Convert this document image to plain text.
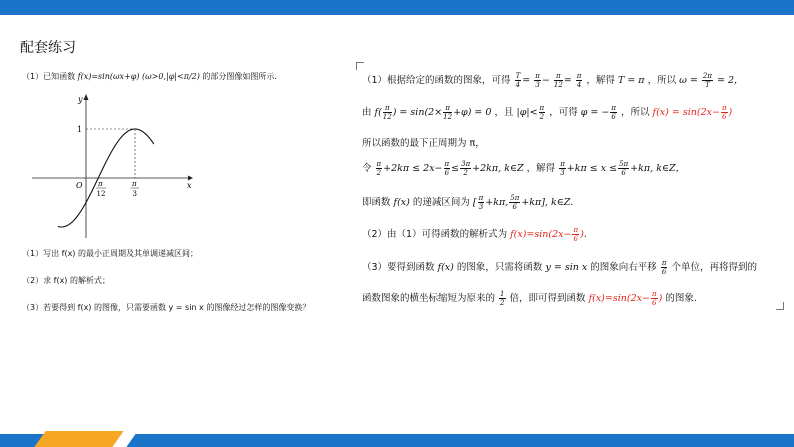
配套练习
（1）已知函数 f(x)=sin(ωx+φ) (ω>0,|φ|<π/2) 的部分图像如图所示.
y
x
O
1
π
12
π
3
（1）写出 f(x) 的最小正周期及其单调递减区间；
（2）求 f(x) 的解析式；
（3）若要得到 f(x) 的图像，只需要函数 y = sin x 的图像经过怎样的图像变换？
（1）根据给定的函数的图象，可得 $\frac{T}{4} = \frac{\pi}{3} - \frac{\pi}{12} = \frac{\pi}{4}$ ，解得 T = π ，所以 $\omega = \frac{2\pi}{T} = 2$，
由 $f( \frac{\pi}{12}$ ) = $\sin(2\times \frac{\pi}{12} +\varphi) = 0$ ，且 $|\varphi|< \frac{\pi}{2}$ ，可得 φ = − $\frac{\pi}{6}$ ，所以 $f(x) = \sin(2x- \frac{\pi}{6}$ )
所以函数的最下正周期为 π，
令 $\frac{\pi}{2} +2k\pi \le 2x- \frac{\pi}{6} \le \frac{3\pi}{2} +2k\pi$, k∈Z ，解得 $\frac{\pi}{3} +k\pi \le x \le \frac{5\pi}{6} +k\pi$, k∈Z，
即函数 f(x) 的递减区间为 [ $\frac{\pi}{3} +k\pi$, $\frac{5\pi}{6} +k\pi$], k∈Z.
（2）由（1）可得函数的解析式为 $f(x)=\sin(2x- \frac{\pi}{6}$ ).
（3）要得到函数 f(x) 的图象，只需将函数 y = sin x 的图象向右平移 $\frac{\pi}{6}$ 个单位，再将得到的
函数图象的横坐标缩短为原来的 $\frac{1}{2}$ 倍，即可得到函数 $f(x)=\sin(2x- \frac{\pi}{6}$ ) 的图象.
